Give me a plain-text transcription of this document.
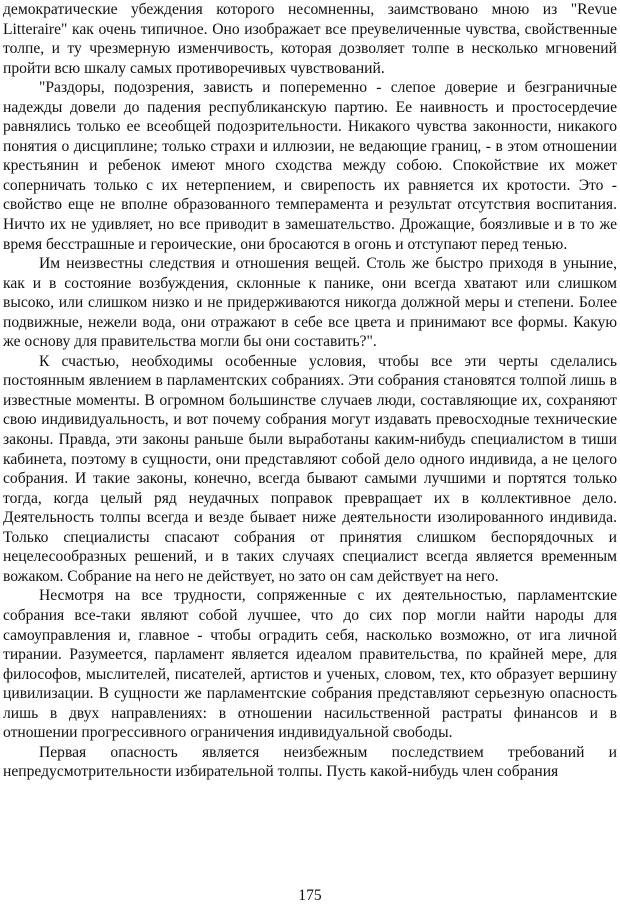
демократические убеждения которого несомненны, заимствовано мною из "Revue Litteraire" как очень типичное. Оно изображает все преувеличенные чувства, свойственные толпе, и ту чрезмерную изменчивость, которая дозволяет толпе в несколько мгновений пройти всю шкалу самых противоречивых чувствований.

"Раздоры, подозрения, зависть и попеременно - слепое доверие и безграничные надежды довели до падения республиканскую партию. Ее наивность и простосердечие равнялись только ее всеобщей подозрительности. Никакого чувства законности, никакого понятия о дисциплине; только страхи и иллюзии, не ведающие границ, - в этом отношении крестьянин и ребенок имеют много сходства между собою. Спокойствие их может соперничать только с их нетерпением, и свирепость их равняется их кротости. Это - свойство еще не вполне образованного темперамента и результат отсутствия воспитания. Ничто их не удивляет, но все приводит в замешательство. Дрожащие, боязливые и в то же время бесстрашные и героические, они бросаются в огонь и отступают перед тенью.

Им неизвестны следствия и отношения вещей. Столь же быстро приходя в уныние, как и в состояние возбуждения, склонные к панике, они всегда хватают или слишком высоко, или слишком низко и не придерживаются никогда должной меры и степени. Более подвижные, нежели вода, они отражают в себе все цвета и принимают все формы. Какую же основу для правительства могли бы они составить?".

К счастью, необходимы особенные условия, чтобы все эти черты сделались постоянным явлением в парламентских собраниях. Эти собрания становятся толпой лишь в известные моменты. В огромном большинстве случаев люди, составляющие их, сохраняют свою индивидуальность, и вот почему собрания могут издавать превосходные технические законы. Правда, эти законы раньше были выработаны каким-нибудь специалистом в тиши кабинета, поэтому в сущности, они представляют собой дело одного индивида, а не целого собрания. И такие законы, конечно, всегда бывают самыми лучшими и портятся только тогда, когда целый ряд неудачных поправок превращает их в коллективное дело. Деятельность толпы всегда и везде бывает ниже деятельности изолированного индивида. Только специалисты спасают собрания от принятия слишком беспорядочных и нецелесообразных решений, и в таких случаях специалист всегда является временным вожаком. Собрание на него не действует, но зато он сам действует на него.

Несмотря на все трудности, сопряженные с их деятельностью, парламентские собрания все-таки являют собой лучшее, что до сих пор могли найти народы для самоуправления и, главное - чтобы оградить себя, насколько возможно, от ига личной тирании. Разумеется, парламент является идеалом правительства, по крайней мере, для философов, мыслителей, писателей, артистов и ученых, словом, тех, кто образует вершину цивилизации. В сущности же парламентские собрания представляют серьезную опасность лишь в двух направлениях: в отношении насильственной растраты финансов и в отношении прогрессивного ограничения индивидуальной свободы.

Первая опасность является неизбежным последствием требований и непредусмотрительности избирательной толпы. Пусть какой-нибудь член собрания

175
